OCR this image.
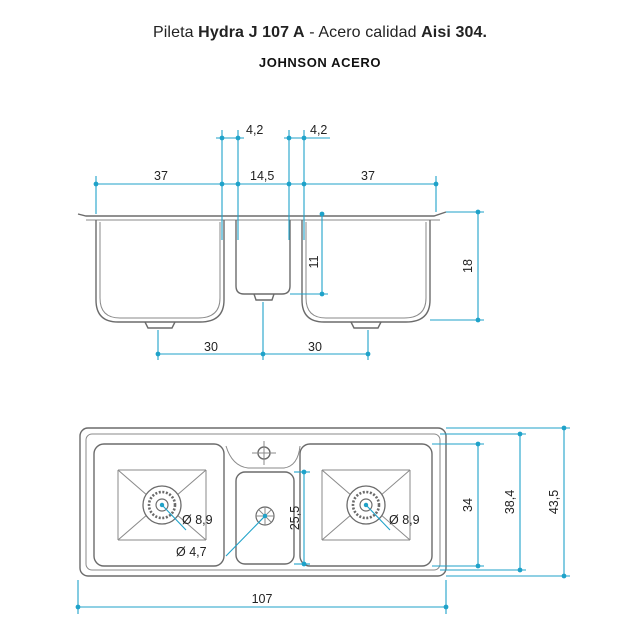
Pileta Hydra J 107 A - Acero calidad Aisi 304.
JOHNSON ACERO
4,2	4,2
37	14,5	37
11	18
30	30
Ø 8,9	Ø 8,9
Ø 4,7
25,5
34 38,4 43,5
107
